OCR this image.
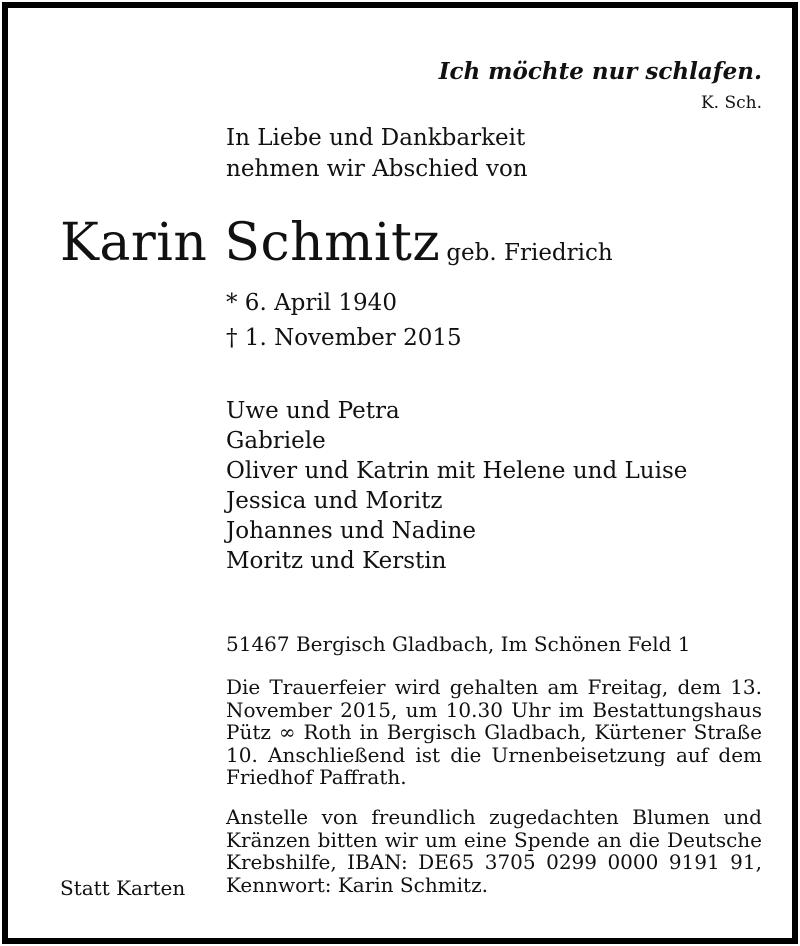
Ich möchte nur schlafen.
K. Sch.
In Liebe und Dankbarkeit
nehmen wir Abschied von
Karin Schmitz geb. Friedrich
* 6. April 1940
† 1. November 2015
Uwe und Petra
Gabriele
Oliver und Katrin mit Helene und Luise
Jessica und Moritz
Johannes und Nadine
Moritz und Kerstin
51467 Bergisch Gladbach, Im Schönen Feld 1
Die Trauerfeier wird gehalten am Freitag, dem 13. November 2015, um 10.30 Uhr im Bestattungshaus Pütz ∞ Roth in Bergisch Gladbach, Kürtener Straße 10. Anschließend ist die Urnenbeisetzung auf dem Friedhof Paffrath.
Anstelle von freundlich zugedachten Blumen und Kränzen bitten wir um eine Spende an die Deutsche Krebshilfe, IBAN: DE65 3705 0299 0000 9191 91, Kennwort: Karin Schmitz.
Statt Karten
